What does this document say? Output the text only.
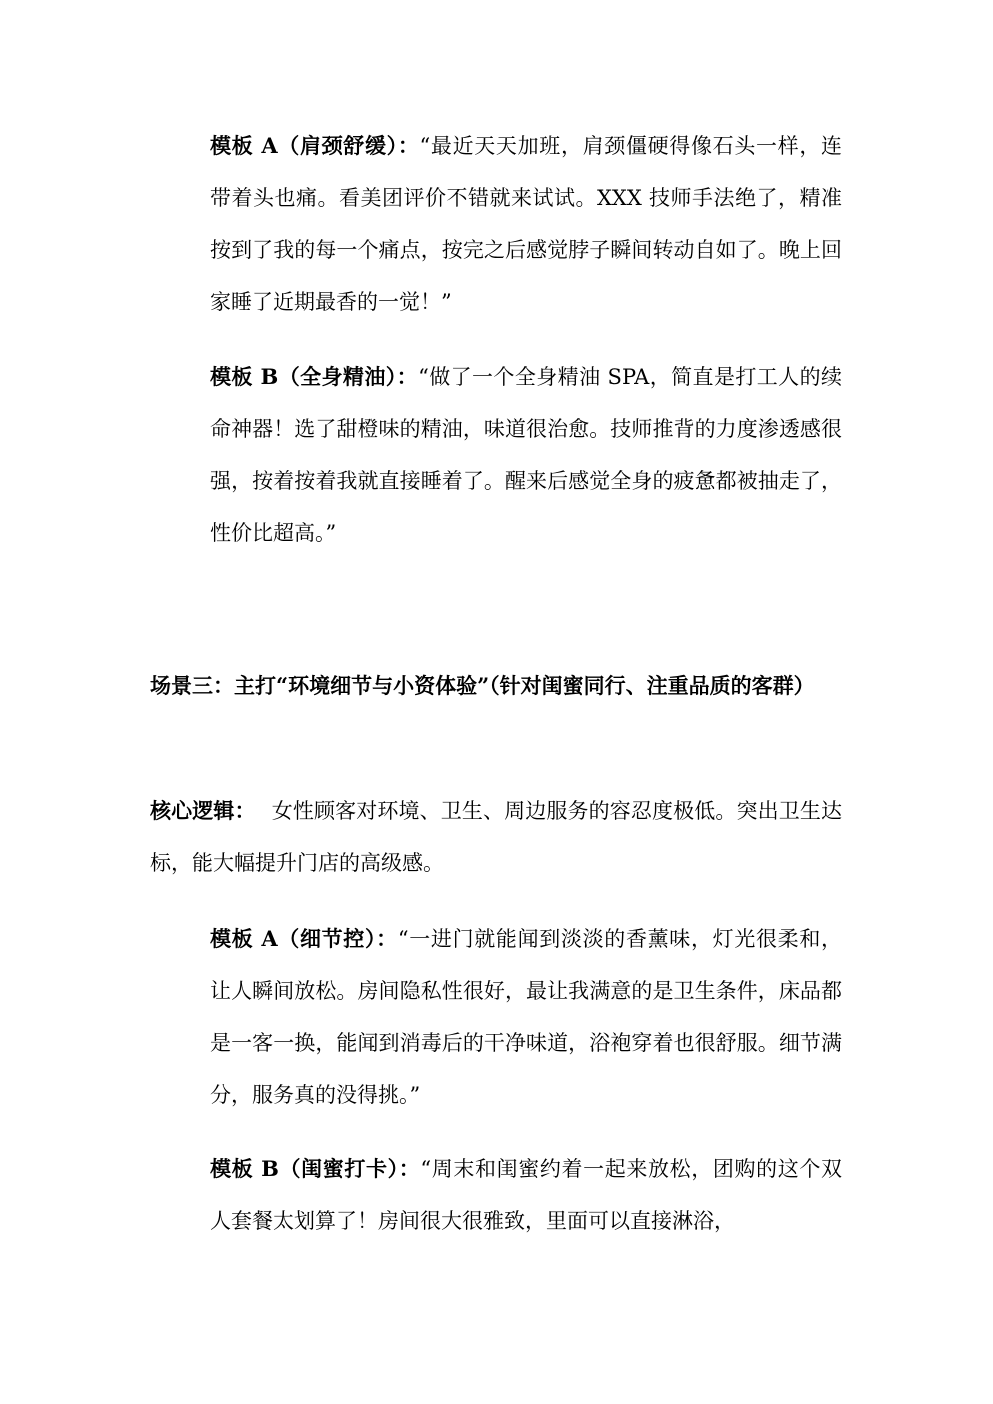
模板 A（肩颈舒缓）：“最近天天加班，肩颈僵硬得像石头一样，连带着头也痛。看美团评价不错就来试试。XXX 技师手法绝了，精准按到了我的每一个痛点，按完之后感觉脖子瞬间转动自如了。晚上回家睡了近期最香的一觉！”

模板 B（全身精油）：“做了一个全身精油 SPA，简直是打工人的续命神器！选了甜橙味的精油，味道很治愈。技师推背的力度渗透感很强，按着按着我就直接睡着了。醒来后感觉全身的疲惫都被抽走了，性价比超高。”

场景三：主打“环境细节与小资体验”（针对闺蜜同行、注重品质的客群）

核心逻辑： 女性顾客对环境、卫生、周边服务的容忍度极低。突出卫生达标，能大幅提升门店的高级感。

模板 A（细节控）：“一进门就能闻到淡淡的香薰味，灯光很柔和，让人瞬间放松。房间隐私性很好，最让我满意的是卫生条件，床品都是一客一换，能闻到消毒后的干净味道，浴袍穿着也很舒服。细节满分，服务真的没得挑。”

模板 B（闺蜜打卡）：“周末和闺蜜约着一起来放松，团购的这个双人套餐太划算了！房间很大很雅致，里面可以直接淋浴，
